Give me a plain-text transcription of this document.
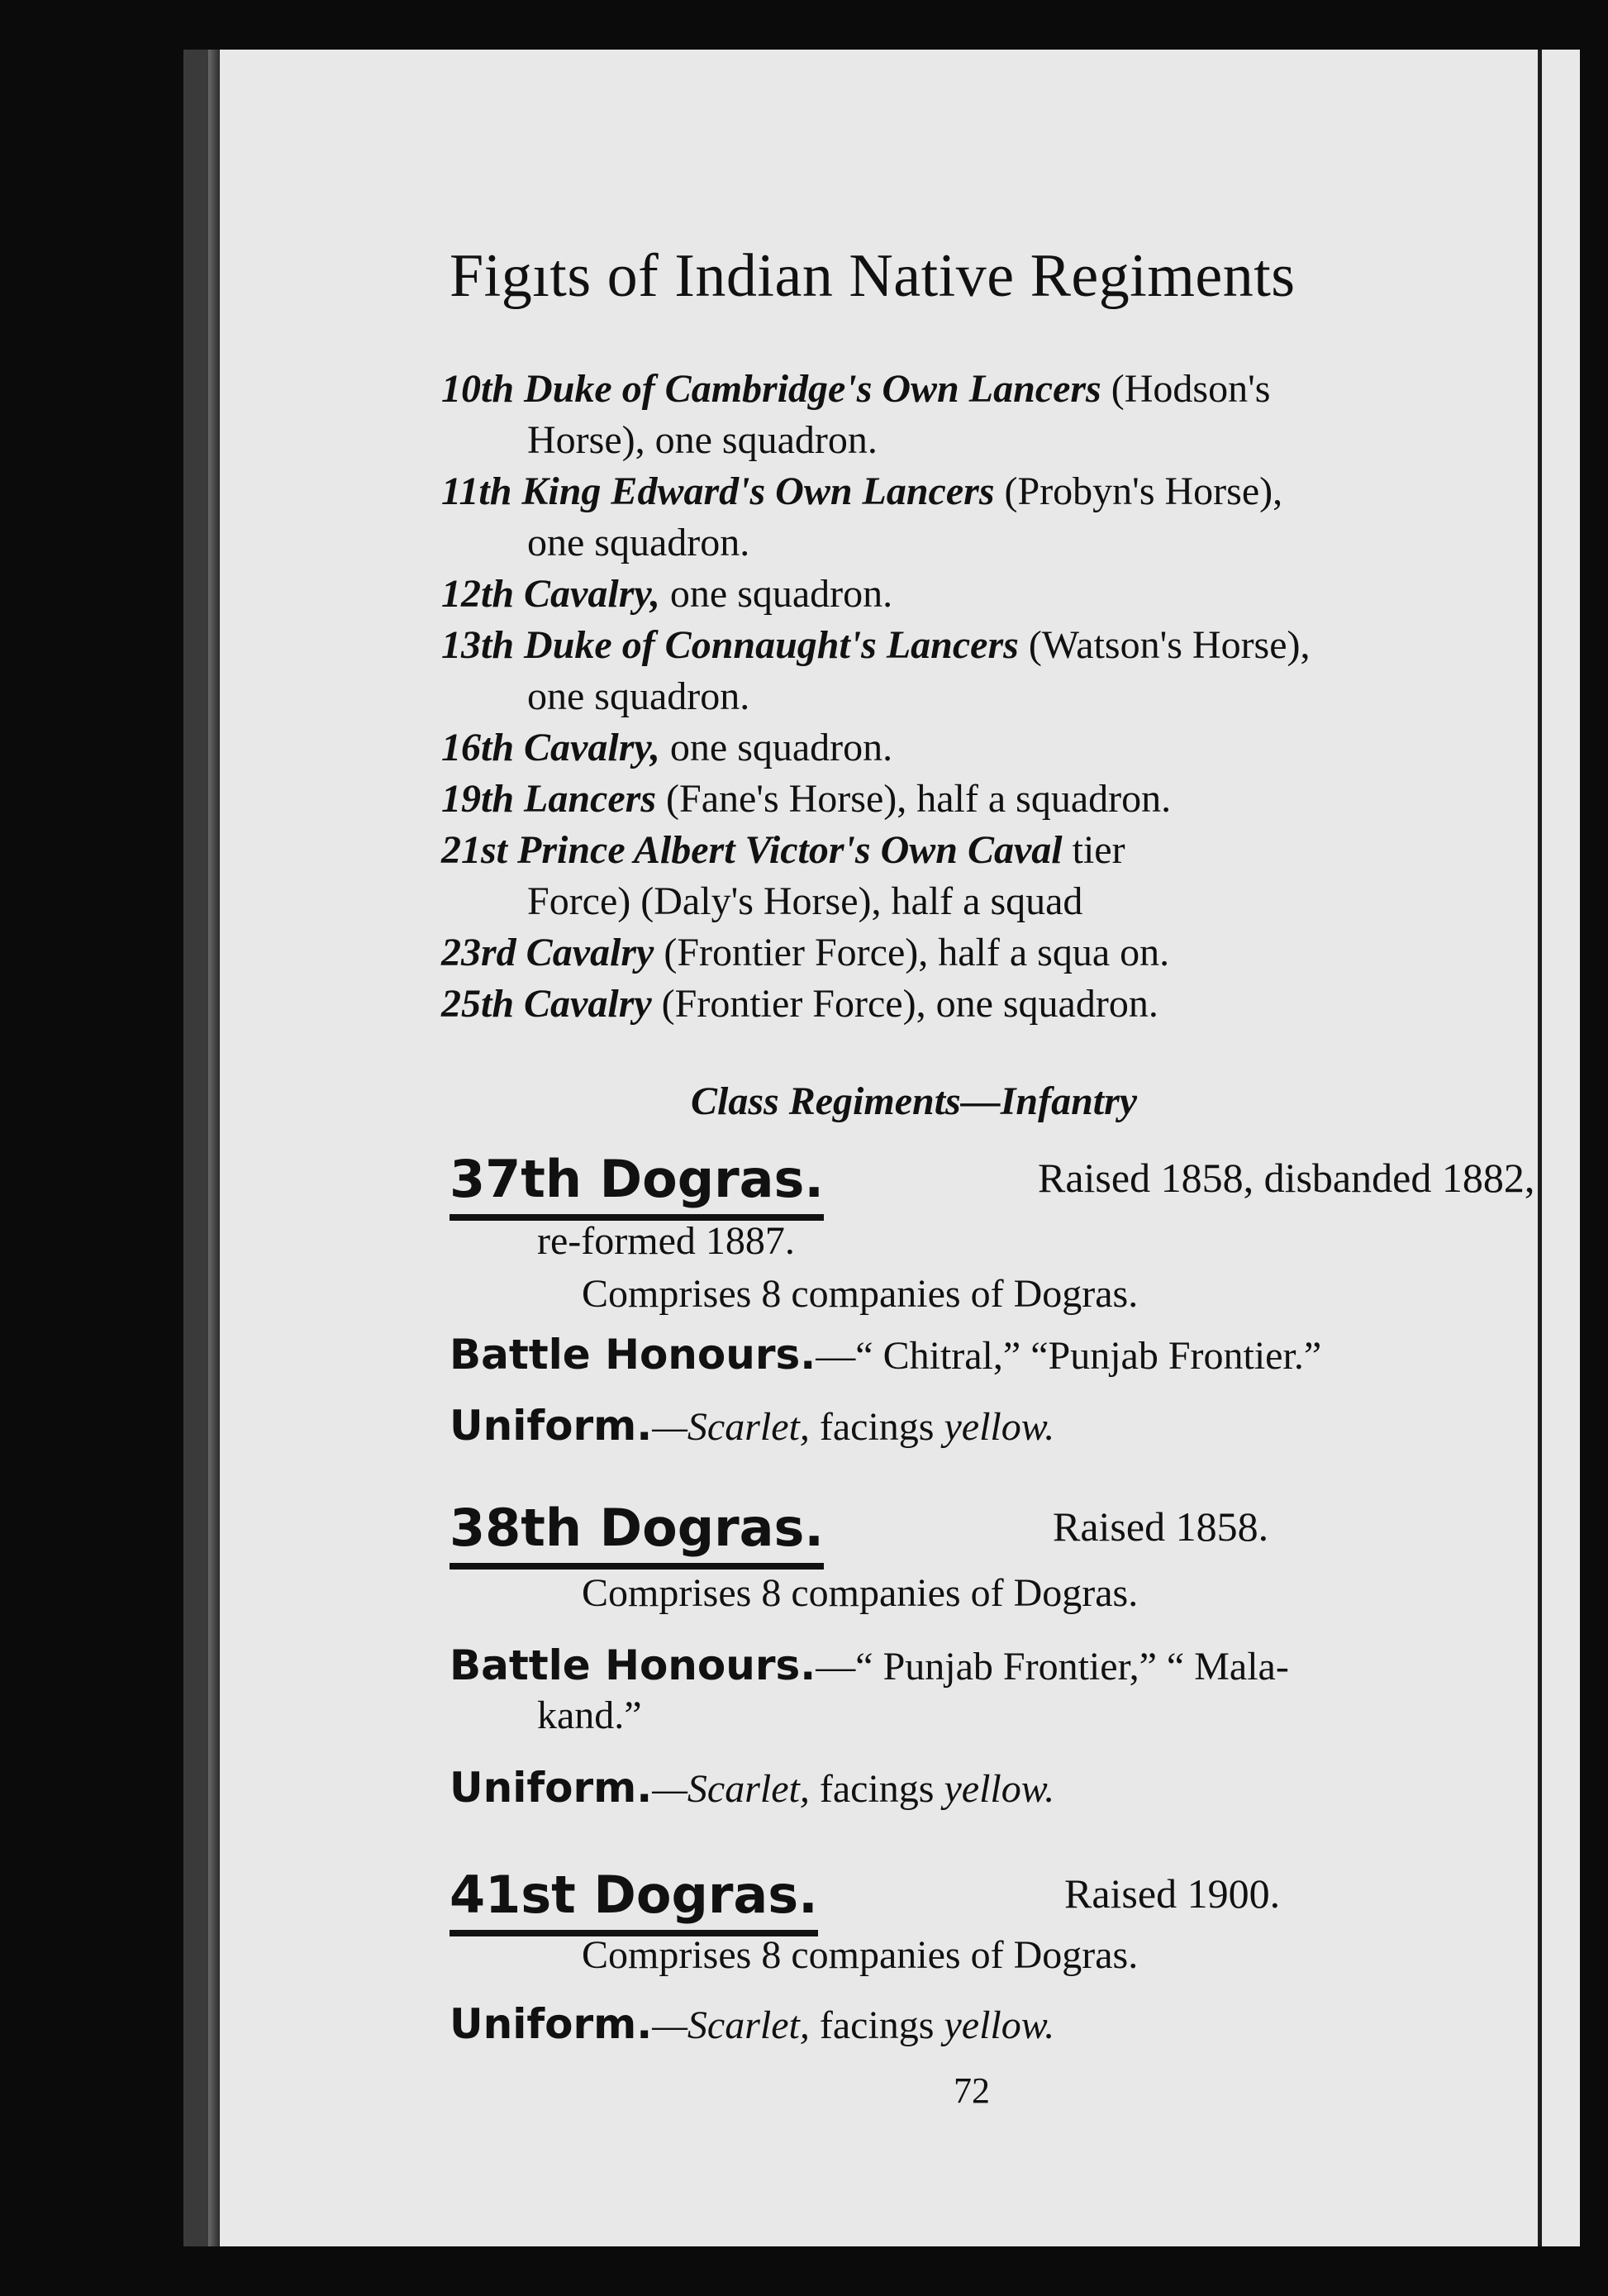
Figıts of Indian Native Regiments
10th Duke of Cambridge's Own Lancers (Hodson's
Horse), one squadron.
11th King Edward's Own Lancers (Probyn's Horse),
one squadron.
12th Cavalry, one squadron.
13th Duke of Connaught's Lancers (Watson's Horse),
one squadron.
16th Cavalry, one squadron.
19th Lancers (Fane's Horse), half a squadron.
21st Prince Albert Victor's Own Caval tier
Force) (Daly's Horse), half a squad
23rd Cavalry (Frontier Force), half a squa on.
25th Cavalry (Frontier Force), one squadron.
Class Regiments—Infantry
37th Dogras.	Raised 1858, disbanded 1882,
re-formed 1887.
Comprises 8 companies of Dogras.
Battle Honours.—“ Chitral,” “Punjab Frontier.”
Uniform.—Scarlet, facings yellow.
38th Dogras.	Raised 1858.
Comprises 8 companies of Dogras.
Battle Honours.—“ Punjab Frontier,” “ Mala-
kand.”
Uniform.—Scarlet, facings yellow.
41st Dogras.	Raised 1900.
Comprises 8 companies of Dogras.
Uniform.—Scarlet, facings yellow.
72
